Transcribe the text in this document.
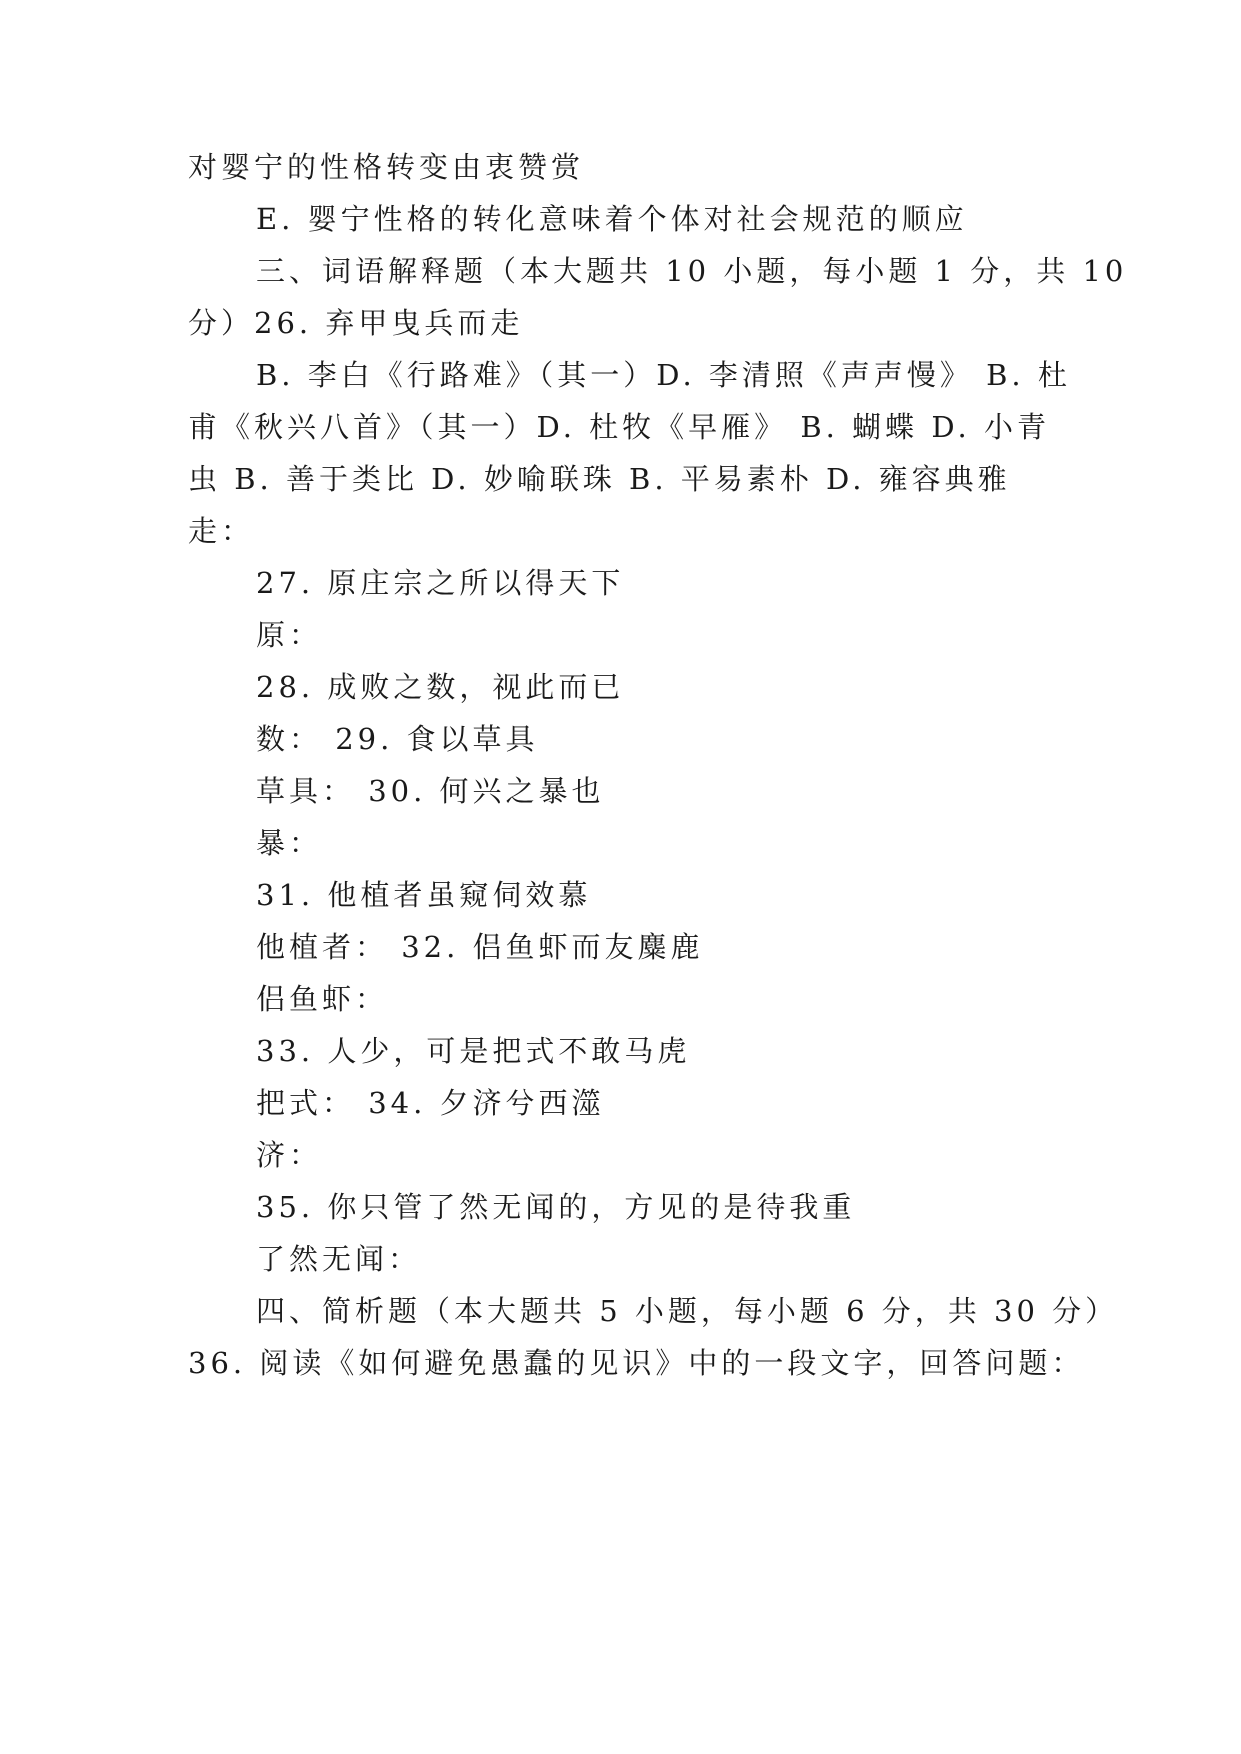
对婴宁的性格转变由衷赞赏
E. 婴宁性格的转化意味着个体对社会规范的顺应
三、词语解释题（本大题共 10 小题，每小题 1 分，共 10
分）26. 弃甲曳兵而走
B. 李白《行路难》（其一）D. 李清照《声声慢》 B. 杜
甫《秋兴八首》（其一）D. 杜牧《早雁》 B. 蝴蝶 D. 小青
虫 B. 善于类比 D. 妙喻联珠 B. 平易素朴 D. 雍容典雅
走：
27. 原庄宗之所以得天下
原：
28. 成败之数，视此而已
数： 29. 食以草具
草具： 30. 何兴之暴也
暴：
31. 他植者虽窥伺效慕
他植者： 32. 侣鱼虾而友麋鹿
侣鱼虾：
33. 人少，可是把式不敢马虎
把式： 34. 夕济兮西澨
济：
35. 你只管了然无闻的，方见的是待我重
了然无闻：
四、简析题（本大题共 5 小题，每小题 6 分，共 30 分）
36. 阅读《如何避免愚蠢的见识》中的一段文字，回答问题：
